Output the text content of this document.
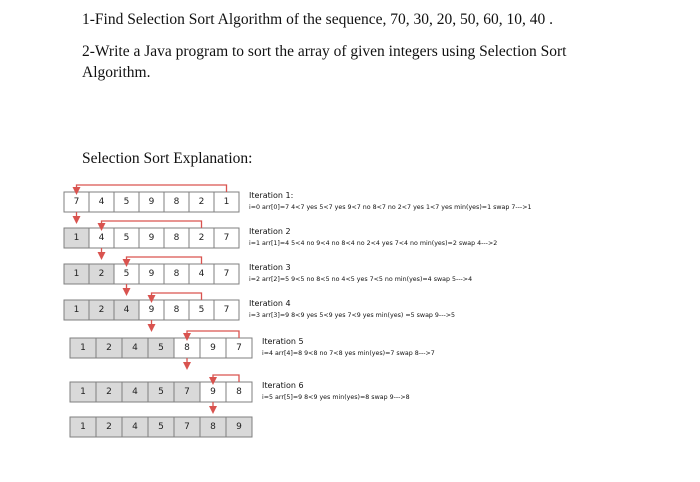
1-Find Selection Sort Algorithm of the sequence, 70, 30, 20, 50, 60, 10, 40 .

2-Write a Java program to sort the array of given integers using Selection Sort Algorithm.

Selection Sort Explanation:

7 4 5 9 8 2 1
Iteration 1:
i=0 arr[0]=7 4<7 yes 5<7 yes 9<7 no 8<7 no 2<7 yes 1<7 yes min(yes)=1 swap 7--->1
1 4 5 9 8 2 7
Iteration 2
i=1 arr[1]=4 5<4 no 9<4 no 8<4 no 2<4 yes 7<4 no min(yes)=2 swap 4--->2
1 2 5 9 8 4 7
Iteration 3
i=2 arr[2]=5 9<5 no 8<5 no 4<5 yes 7<5 no min(yes)=4 swap 5--->4
1 2 4 9 8 5 7
Iteration 4
i=3 arr[3]=9 8<9 yes 5<9 yes 7<9 yes min(yes) =5 swap 9--->5
1 2 4 5 8 9 7
Iteration 5
i=4 arr[4]=8 9<8 no 7<8 yes min(yes)=7 swap 8--->7
1 2 4 5 7 9 8
Iteration 6
i=5 arr[5]=9 8<9 yes min(yes)=8 swap 9--->8
1 2 4 5 7 8 9
